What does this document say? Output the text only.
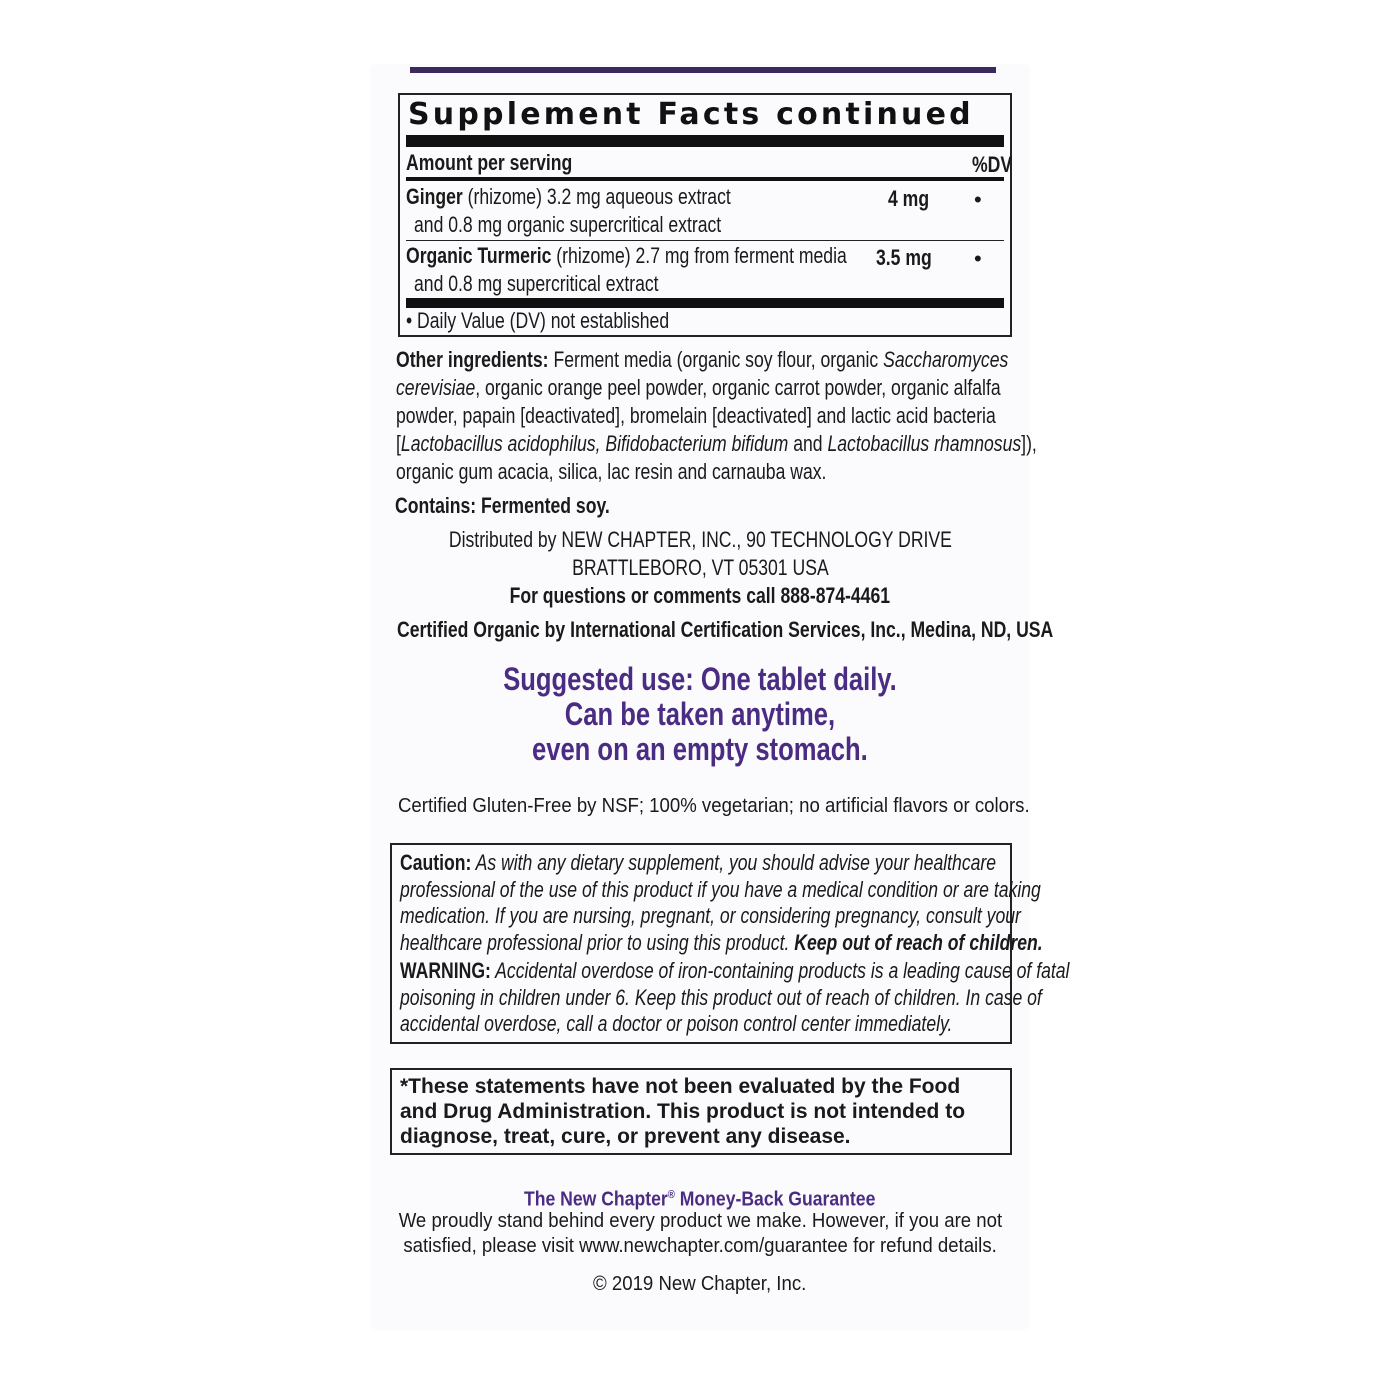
Supplement Facts continued
Amount per serving	%DV
Ginger (rhizome) 3.2 mg aqueous extract
and 0.8 mg organic supercritical extract
4 mg	•
Organic Turmeric (rhizome) 2.7 mg from ferment media
and 0.8 mg supercritical extract
3.5 mg	•
• Daily Value (DV) not established
Other ingredients: Ferment media (organic soy flour, organic Saccharomyces
cerevisiae, organic orange peel powder, organic carrot powder, organic alfalfa
powder, papain [deactivated], bromelain [deactivated] and lactic acid bacteria
[Lactobacillus acidophilus, Bifidobacterium bifidum and Lactobacillus rhamnosus]),
organic gum acacia, silica, lac resin and carnauba wax.
Contains: Fermented soy.
Distributed by NEW CHAPTER, INC., 90 TECHNOLOGY DRIVE
BRATTLEBORO, VT 05301 USA
For questions or comments call 888-874-4461
Certified Organic by International Certification Services, Inc., Medina, ND, USA
Suggested use: One tablet daily.
Can be taken anytime,
even on an empty stomach.
Certified Gluten-Free by NSF; 100% vegetarian; no artificial flavors or colors.
Caution: As with any dietary supplement, you should advise your healthcare
professional of the use of this product if you have a medical condition or are taking
medication. If you are nursing, pregnant, or considering pregnancy, consult your
healthcare professional prior to using this product. Keep out of reach of children.
WARNING: Accidental overdose of iron-containing products is a leading cause of fatal
poisoning in children under 6. Keep this product out of reach of children. In case of
accidental overdose, call a doctor or poison control center immediately.
*These statements have not been evaluated by the Food
and Drug Administration. This product is not intended to
diagnose, treat, cure, or prevent any disease.
The New Chapter® Money-Back Guarantee
We proudly stand behind every product we make. However, if you are not
satisfied, please visit www.newchapter.com/guarantee for refund details.
© 2019 New Chapter, Inc.
